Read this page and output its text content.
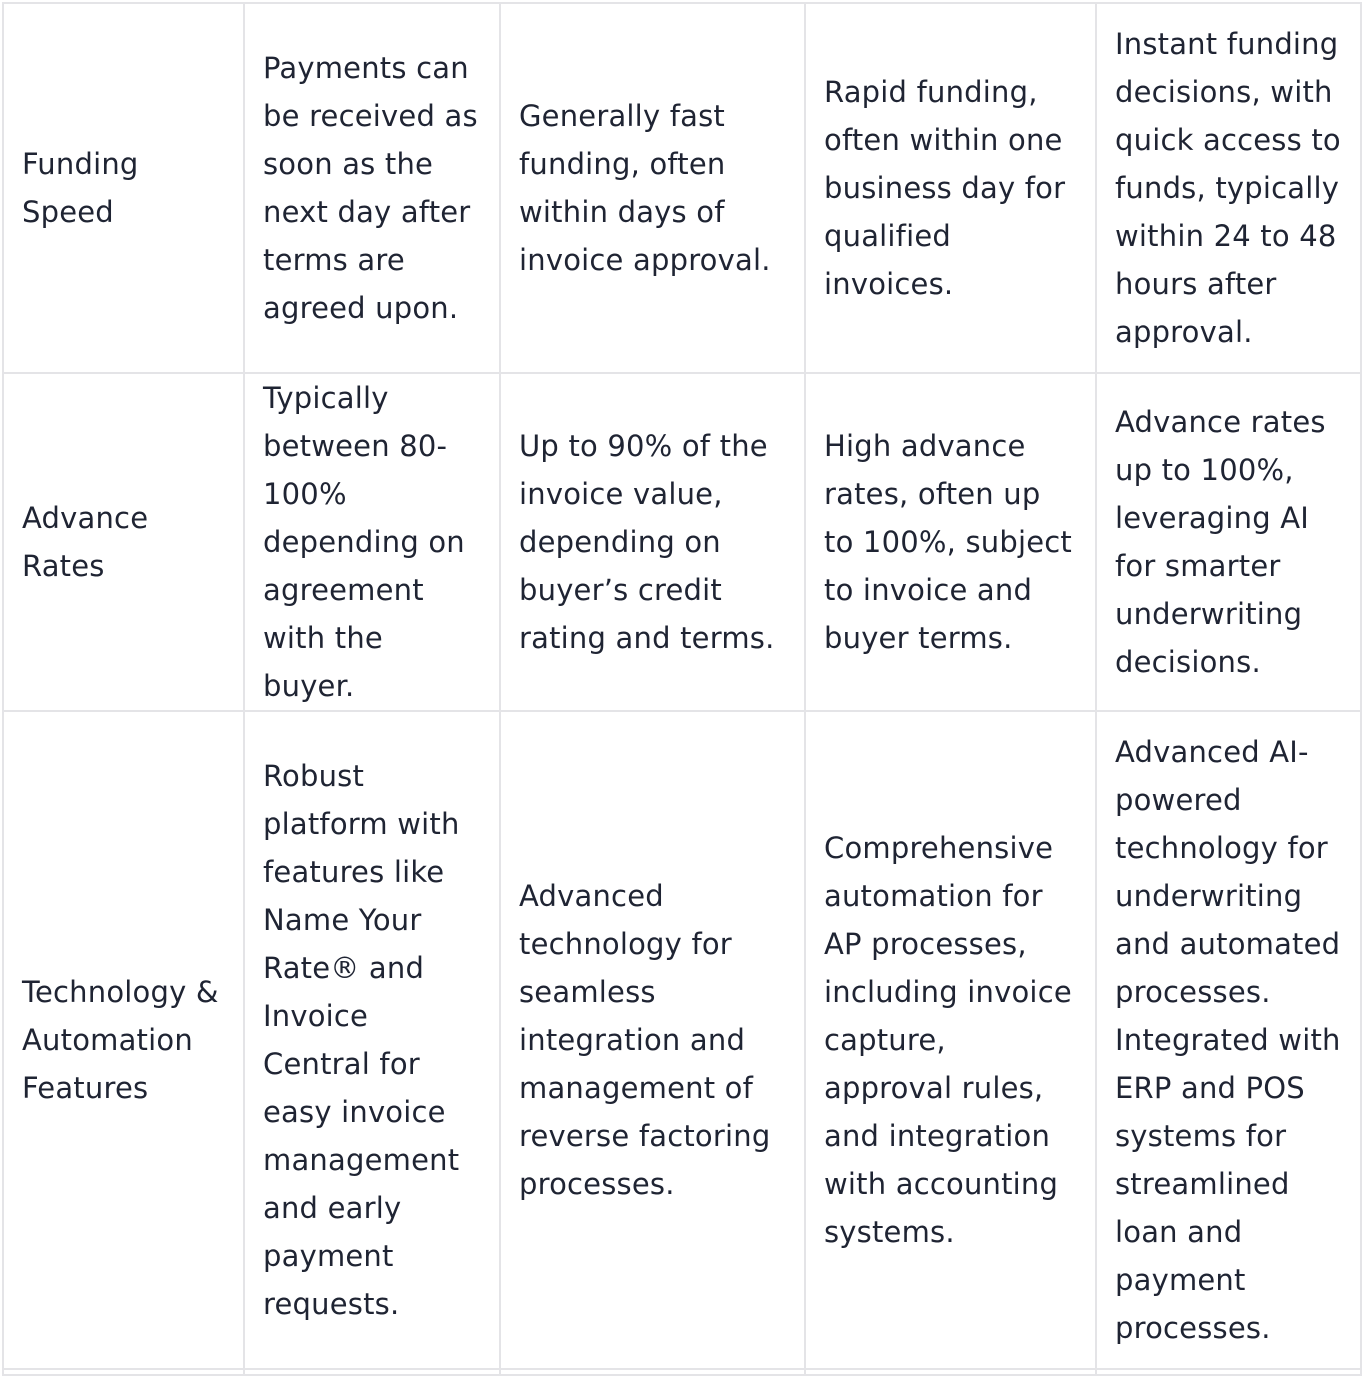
Funding Speed	Payments can be received as soon as the next day after terms are agreed upon.	Generally fast funding, often within days of invoice approval.	Rapid funding, often within one business day for qualified invoices.	Instant funding decisions, with quick access to funds, typically within 24 to 48 hours after approval.
Advance Rates	Typically between 80-100% depending on agreement with the buyer.	Up to 90% of the invoice value, depending on buyer’s credit rating and terms.	High advance rates, often up to 100%, subject to invoice and buyer terms.	Advance rates up to 100%, leveraging AI for smarter underwriting decisions.
Technology & Automation Features	Robust platform with features like Name Your Rate® and Invoice Central for easy invoice management and early payment requests.	Advanced technology for seamless integration and management of reverse factoring processes.	Comprehensive automation for AP processes, including invoice capture, approval rules, and integration with accounting systems.	Advanced AI-powered technology for underwriting and automated processes. Integrated with ERP and POS systems for streamlined loan and payment processes.
